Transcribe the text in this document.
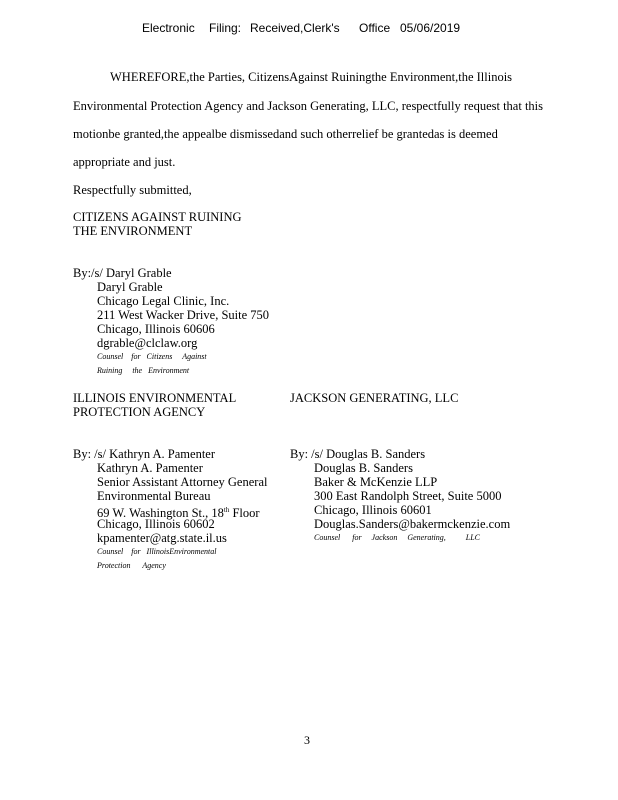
Electronic Filing: Received,Clerk's Office 05/06/2019
WHEREFORE,the Parties, CitizensAgainst Ruiningthe Environment,the Illinois
Environmental Protection Agency and Jackson Generating, LLC, respectfully request that this
motionbe granted,the appealbe dismissedand such otherrelief be grantedas is deemed
appropriate and just.
Respectfully submitted,
CITIZENS AGAINST RUINING
THE ENVIRONMENT
By:/s/ Daryl Grable
Daryl Grable
Chicago Legal Clinic, Inc.
211 West Wacker Drive, Suite 750
Chicago, Illinois 60606
dgrable@clclaw.org
Counsel    for   Citizens     Against
Ruining     the   Environment
ILLINOIS ENVIRONMENTAL
PROTECTION AGENCY
By: /s/ Kathryn A. Pamenter
Kathryn A. Pamenter
Senior Assistant Attorney General
Environmental Bureau
69 W. Washington St., 18th Floor
Chicago, Illinois 60602
kpamenter@atg.state.il.us
Counsel    for   IllinoisEnvironmental
Protection      Agency
JACKSON GENERATING, LLC
By: /s/ Douglas B. Sanders
Douglas B. Sanders
Baker & McKenzie LLP
300 East Randolph Street, Suite 5000
Chicago, Illinois 60601
Douglas.Sanders@bakermckenzie.com
Counsel      for     Jackson     Generating,          LLC
3
